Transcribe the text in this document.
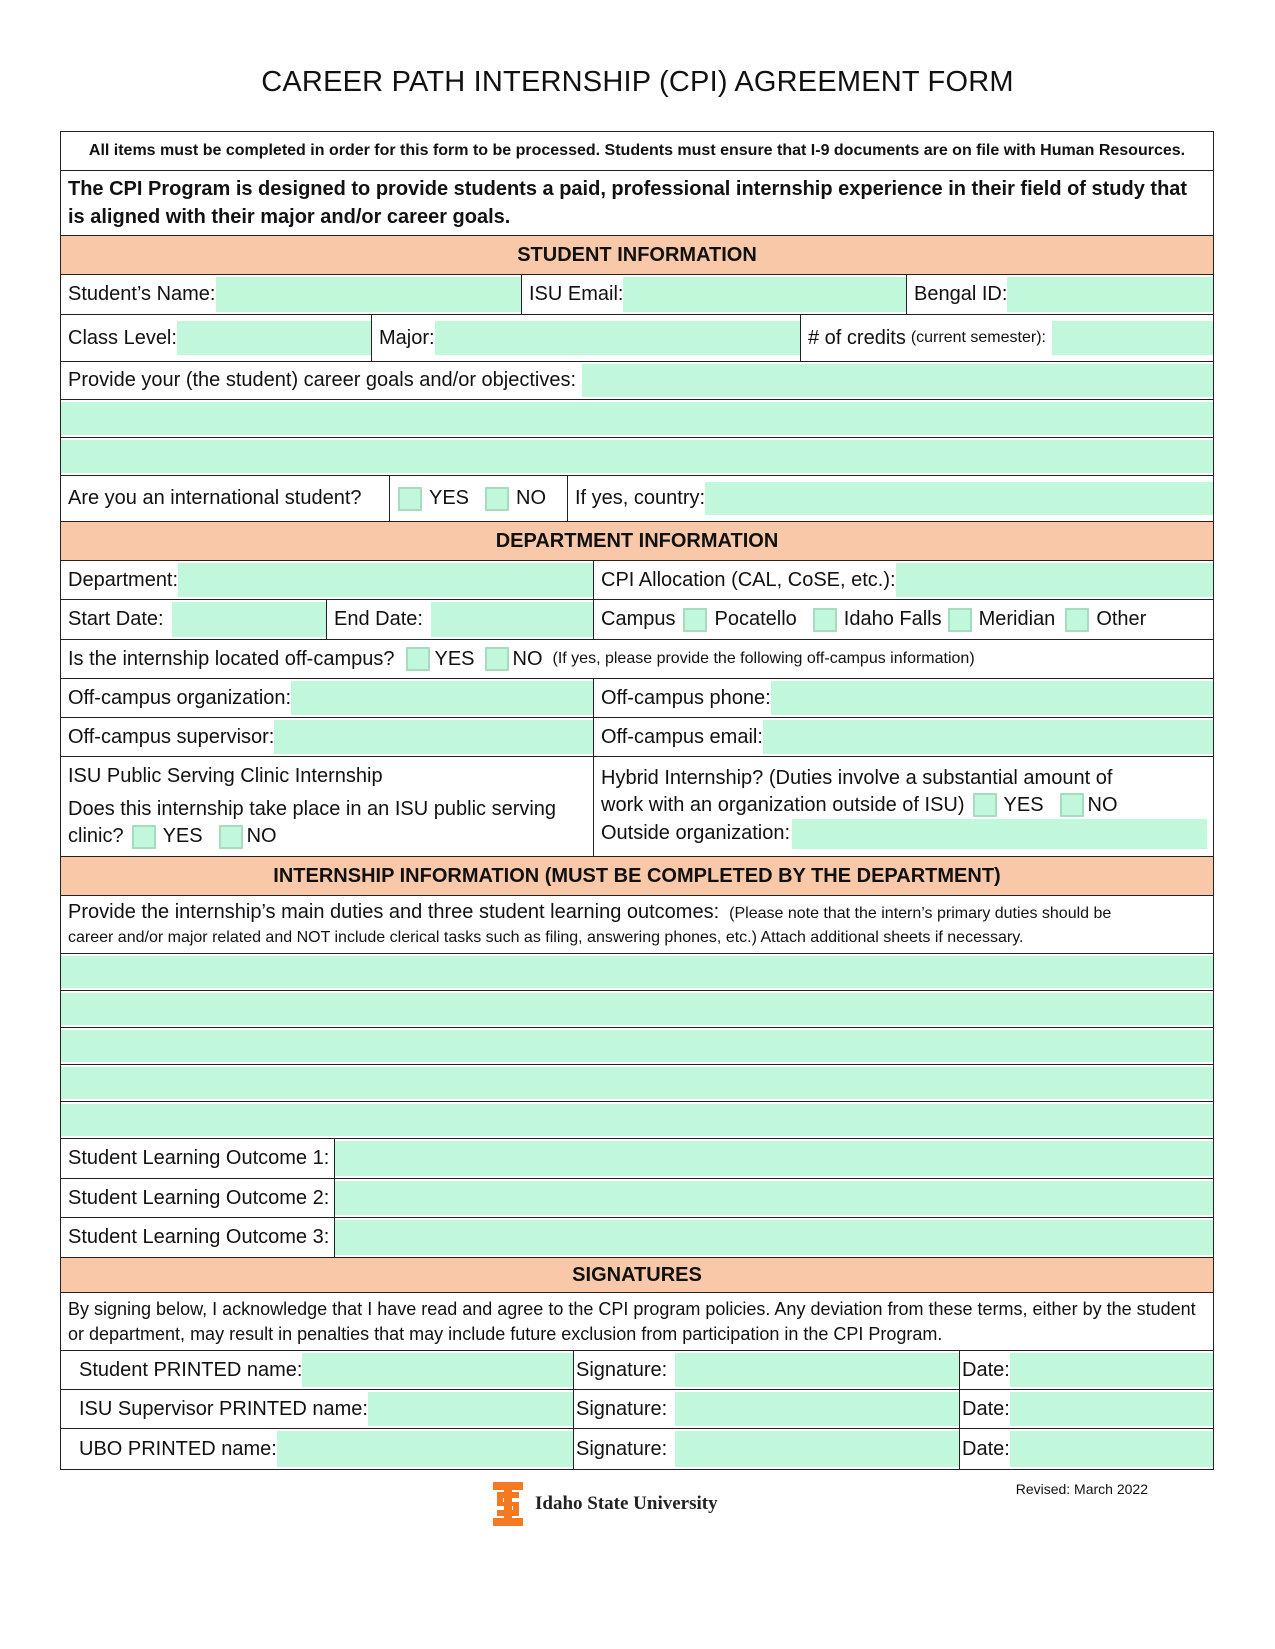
CAREER PATH INTERNSHIP (CPI) AGREEMENT FORM
All items must be completed in order for this form to be processed. Students must ensure that I-9 documents are on file with Human Resources.
The CPI Program is designed to provide students a paid, professional internship experience in their field of study that is aligned with their major and/or career goals.
STUDENT INFORMATION
Student’s Name:	ISU Email:	Bengal ID:
Class Level:	Major:	# of credits (current semester):
Provide your (the student) career goals and/or objectives:
Are you an international student?	YES NO	If yes, country:
DEPARTMENT INFORMATION
Department:	CPI Allocation (CAL, CoSE, etc.):
Start Date:	End Date:	Campus Pocatello Idaho Falls Meridian Other
Is the internship located off-campus? YES NO (If yes, please provide the following off-campus information)
Off-campus organization:	Off-campus phone:
Off-campus supervisor:	Off-campus email:
ISU Public Serving Clinic Internship
Does this internship take place in an ISU public serving
clinic? YES NO
Hybrid Internship? (Duties involve a substantial amount of
work with an organization outside of ISU) YES NO
Outside organization:
INTERNSHIP INFORMATION (MUST BE COMPLETED BY THE DEPARTMENT)
Provide the internship’s main duties and three student learning outcomes: (Please note that the intern’s primary duties should be
career and/or major related and NOT include clerical tasks such as filing, answering phones, etc.) Attach additional sheets if necessary.
Student Learning Outcome 1:
Student Learning Outcome 2:
Student Learning Outcome 3:
SIGNATURES
By signing below, I acknowledge that I have read and agree to the CPI program policies. Any deviation from these terms, either by the student or department, may result in penalties that may include future exclusion from participation in the CPI Program.
Student PRINTED name:	Signature:	Date:
ISU Supervisor PRINTED name:	Signature:	Date:
UBO PRINTED name:	Signature:	Date:
Revised: March 2022
Idaho State University
